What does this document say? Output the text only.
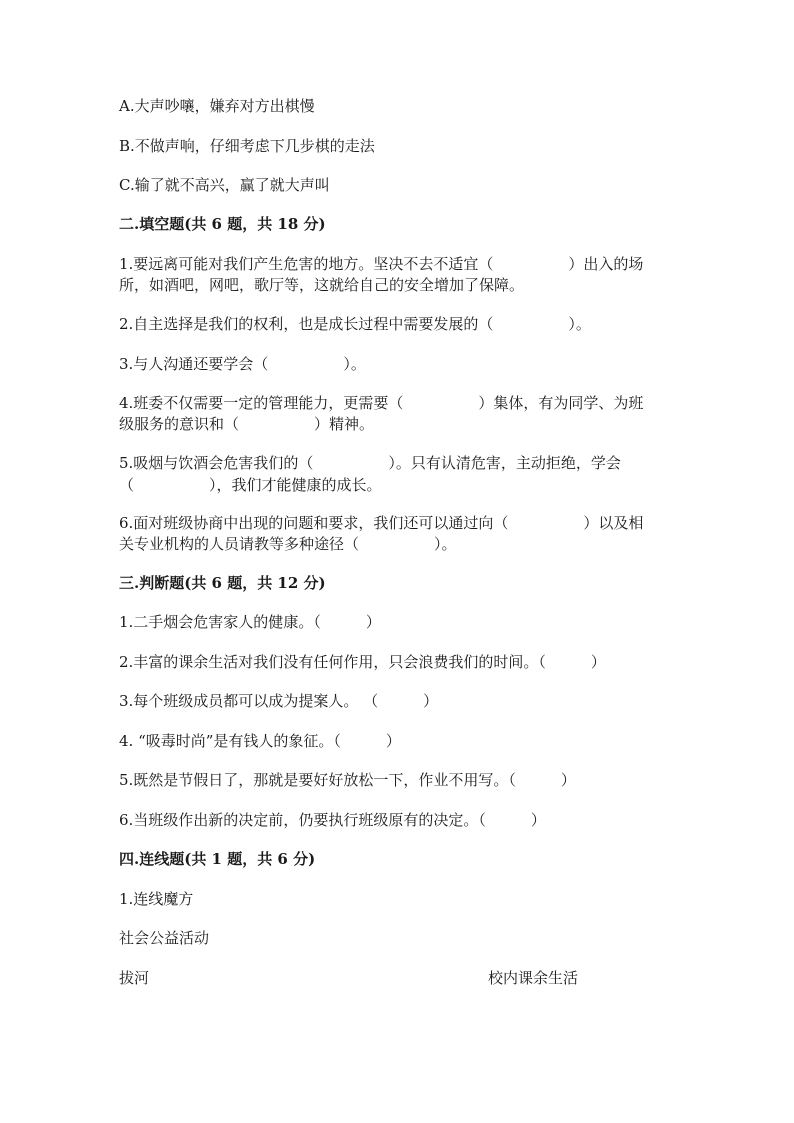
A.大声吵嚷，嫌弃对方出棋慢
B.不做声响，仔细考虑下几步棋的走法
C.输了就不高兴，赢了就大声叫
二.填空题(共 6 题，共 18 分)
1.要远离可能对我们产生危害的地方。坚决不去不适宜（　　　　　）出入的场
所，如酒吧，网吧，歌厅等，这就给自己的安全增加了保障。
2.自主选择是我们的权利，也是成长过程中需要发展的（　　　　　）。
3.与人沟通还要学会（　　　　　）。
4.班委不仅需要一定的管理能力，更需要（　　　　　）集体，有为同学、为班
级服务的意识和（　　　　　）精神。
5.吸烟与饮酒会危害我们的（　　　　　）。只有认清危害，主动拒绝，学会
（　　　　　），我们才能健康的成长。
6.面对班级协商中出现的问题和要求，我们还可以通过向（　　　　　）以及相
关专业机构的人员请教等多种途径（　　　　　）。
三.判断题(共 6 题，共 12 分)
1.二手烟会危害家人的健康。（　　　）
2.丰富的课余生活对我们没有任何作用，只会浪费我们的时间。（　　　）
3.每个班级成员都可以成为提案人。 （　　　）
4. “吸毒时尚”是有钱人的象征。（　　　）
5.既然是节假日了，那就是要好好放松一下，作业不用写。（　　　）
6.当班级作出新的决定前，仍要执行班级原有的决定。（　　　）
四.连线题(共 1 题，共 6 分)
1.连线魔方
社会公益活动
拔河	校内课余生活
